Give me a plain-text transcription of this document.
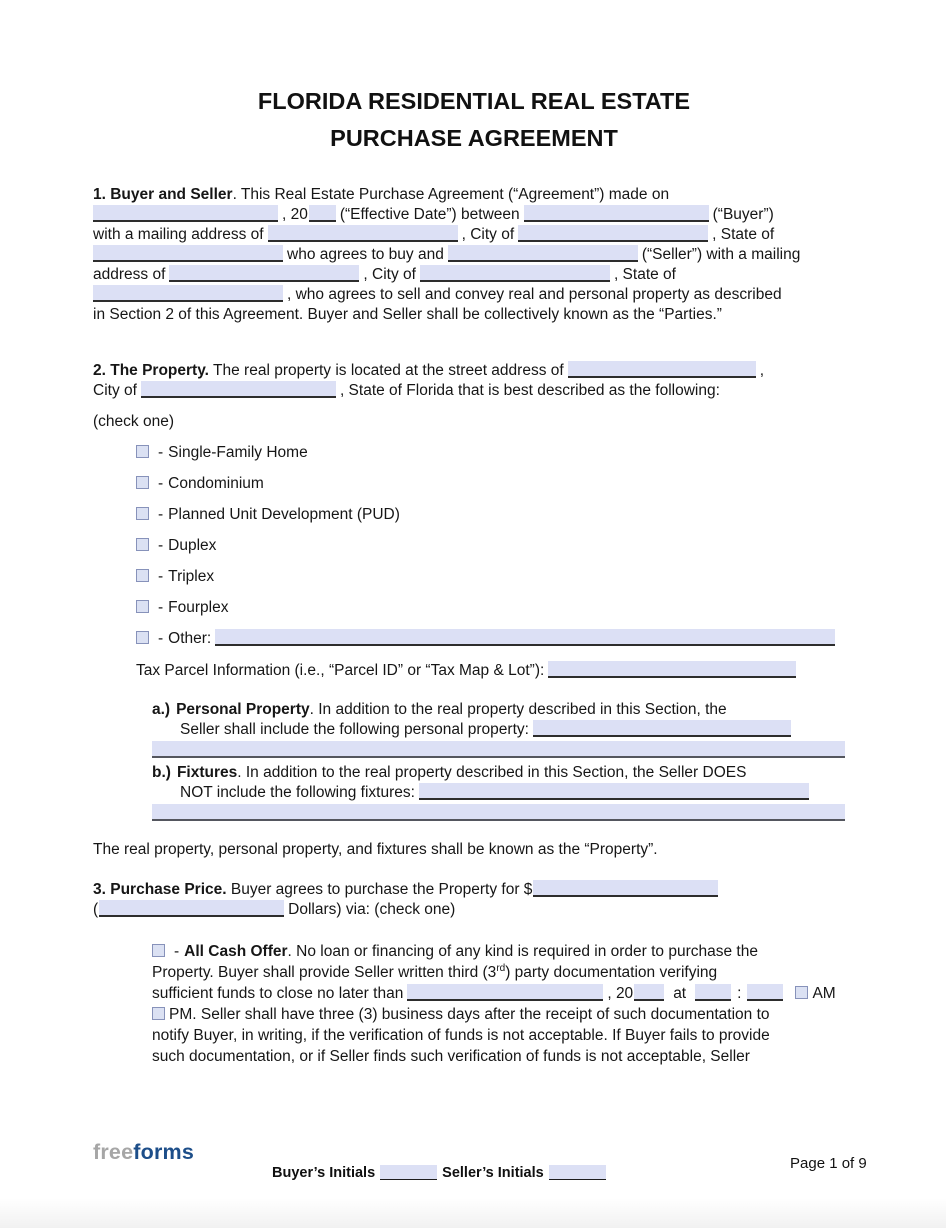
FLORIDA RESIDENTIAL REAL ESTATE
PURCHASE AGREEMENT
1. Buyer and Seller. This Real Estate Purchase Agreement (“Agreement”) made on
, 20 (“Effective Date”) between	(“Buyer”)
with a mailing address of	, City of	, State of
who agrees to buy and	(“Seller”) with a mailing
address of	, City of	, State of
, who agrees to sell and convey real and personal property as described
in Section 2 of this Agreement. Buyer and Seller shall be collectively known as the “Parties.”
2. The Property. The real property is located at the street address of	,
City of	, State of Florida that is best described as the following:
(check one)
- Single-Family Home
- Condominium
- Planned Unit Development (PUD)
- Duplex
- Triplex
- Fourplex
- Other:
Tax Parcel Information (i.e., “Parcel ID” or “Tax Map & Lot”):
a.) Personal Property. In addition to the real property described in this Section, the
Seller shall include the following personal property:
b.) Fixtures. In addition to the real property described in this Section, the Seller DOES
NOT include the following fixtures:
The real property, personal property, and fixtures shall be known as the “Property”.
3. Purchase Price. Buyer agrees to purchase the Property for $
(	Dollars) via: (check one)
- All Cash Offer. No loan or financing of any kind is required in order to purchase the
Property. Buyer shall provide Seller written third (3rd) party documentation verifying
sufficient funds to close no later than	, 20	at	:	AM
PM. Seller shall have three (3) business days after the receipt of such documentation to
notify Buyer, in writing, if the verification of funds is not acceptable. If Buyer fails to provide
such documentation, or if Seller finds such verification of funds is not acceptable, Seller
freeforms
Buyer’s Initials	Seller’s Initials
Page 1 of 9
